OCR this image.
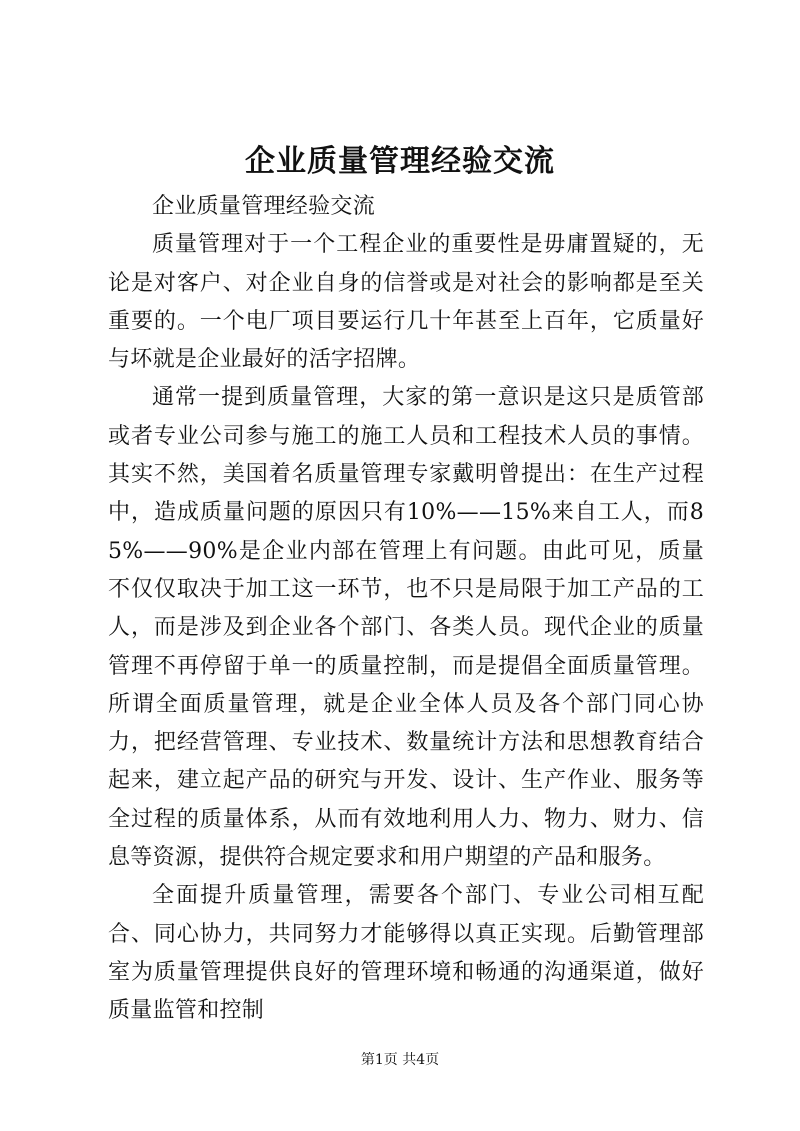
企业质量管理经验交流

企业质量管理经验交流

质量管理对于一个工程企业的重要性是毋庸置疑的，无论是对客户、对企业自身的信誉或是对社会的影响都是至关重要的。一个电厂项目要运行几十年甚至上百年，它质量好与坏就是企业最好的活字招牌。

通常一提到质量管理，大家的第一意识是这只是质管部或者专业公司参与施工的施工人员和工程技术人员的事情。其实不然，美国着名质量管理专家戴明曾提出：在生产过程中，造成质量问题的原因只有10%——15%来自工人，而85%——90%是企业内部在管理上有问题。由此可见，质量不仅仅取决于加工这一环节，也不只是局限于加工产品的工人，而是涉及到企业各个部门、各类人员。现代企业的质量管理不再停留于单一的质量控制，而是提倡全面质量管理。所谓全面质量管理，就是企业全体人员及各个部门同心协力，把经营管理、专业技术、数量统计方法和思想教育结合起来，建立起产品的研究与开发、设计、生产作业、服务等全过程的质量体系，从而有效地利用人力、物力、财力、信息等资源，提供符合规定要求和用户期望的产品和服务。

全面提升质量管理，需要各个部门、专业公司相互配合、同心协力，共同努力才能够得以真正实现。后勤管理部室为质量管理提供良好的管理环境和畅通的沟通渠道，做好质量监管和控制

第1页 共4页
